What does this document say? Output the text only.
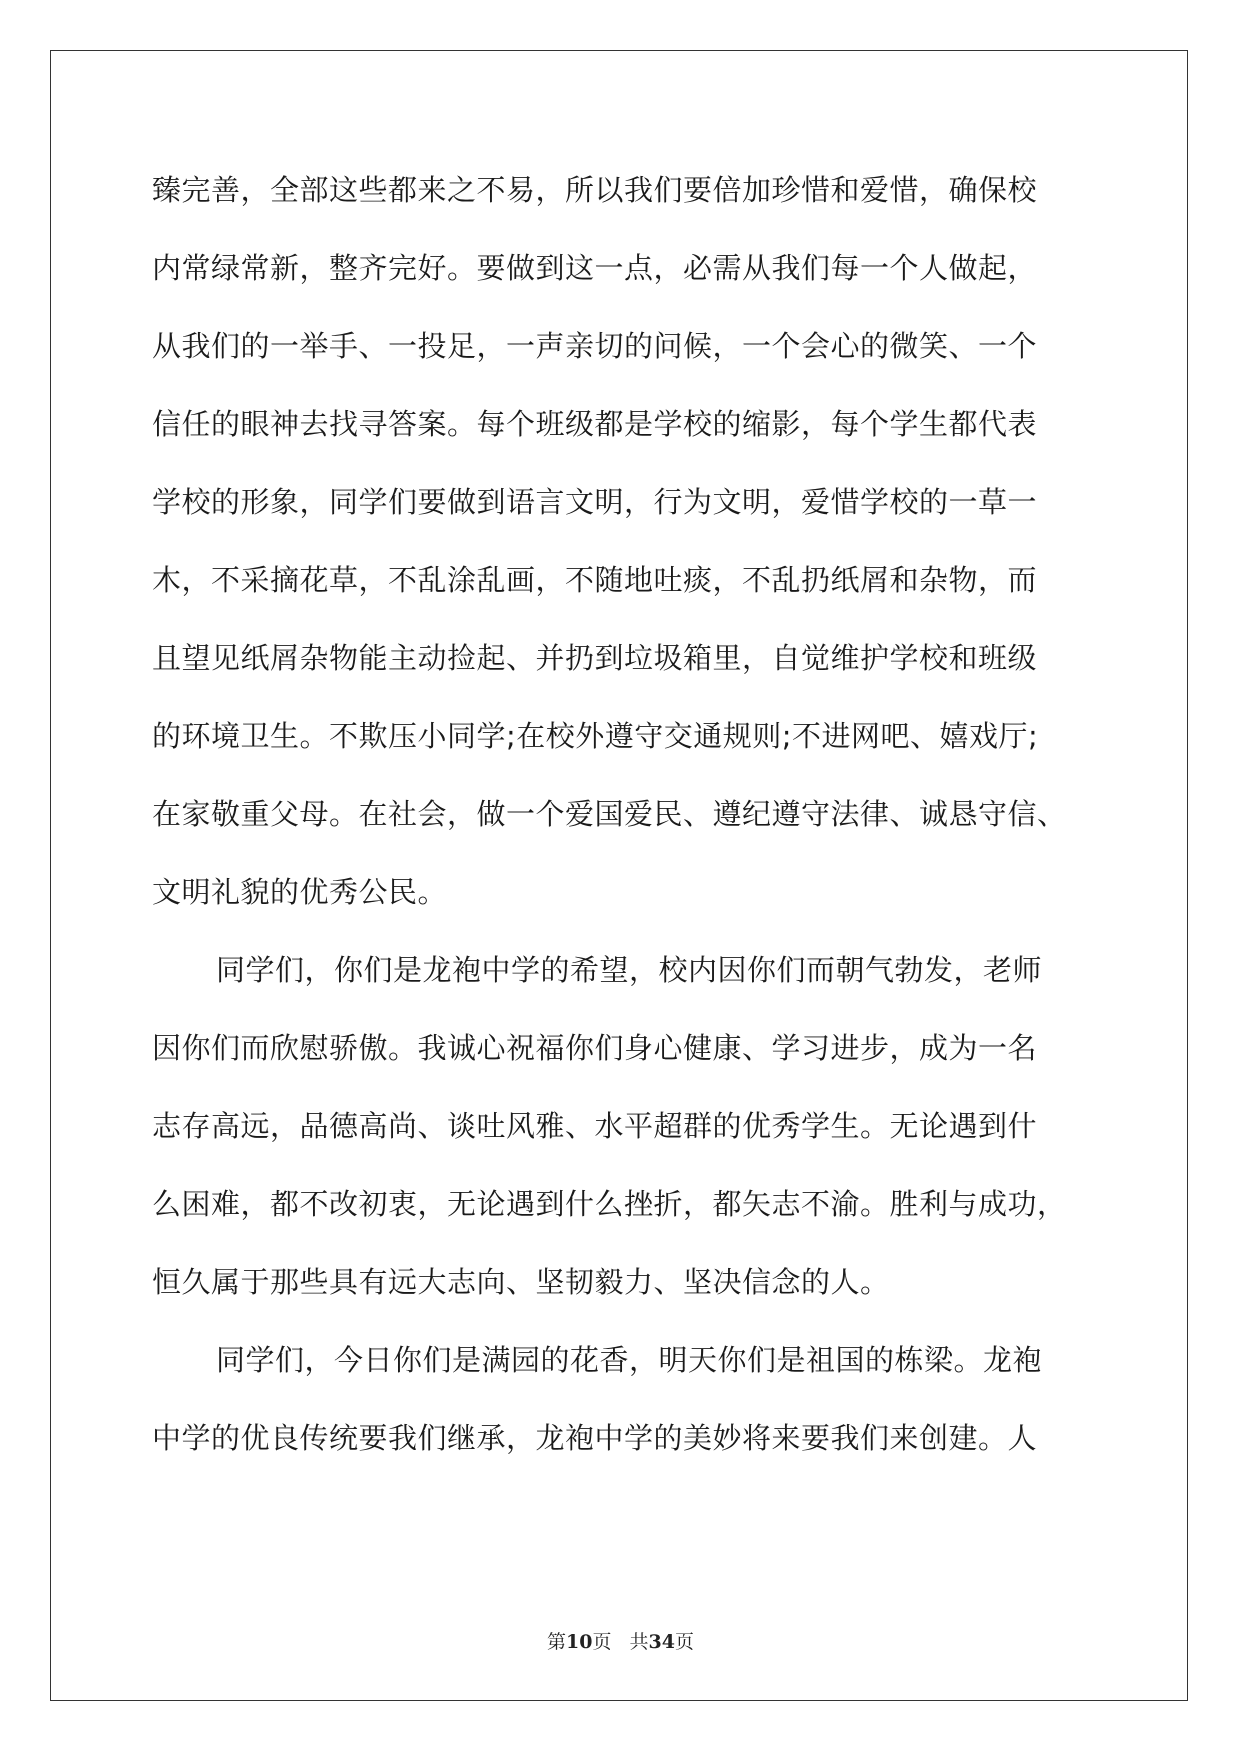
臻完善，全部这些都来之不易，所以我们要倍加珍惜和爱惜，确保校
内常绿常新，整齐完好。要做到这一点，必需从我们每一个人做起，
从我们的一举手、一投足，一声亲切的问候，一个会心的微笑、一个
信任的眼神去找寻答案。每个班级都是学校的缩影，每个学生都代表
学校的形象，同学们要做到语言文明，行为文明，爱惜学校的一草一
木，不采摘花草，不乱涂乱画，不随地吐痰，不乱扔纸屑和杂物，而
且望见纸屑杂物能主动捡起、并扔到垃圾箱里，自觉维护学校和班级
的环境卫生。不欺压小同学;在校外遵守交通规则;不进网吧、嬉戏厅;
在家敬重父母。在社会，做一个爱国爱民、遵纪遵守法律、诚恳守信、
文明礼貌的优秀公民。
同学们，你们是龙袍中学的希望，校内因你们而朝气勃发，老师
因你们而欣慰骄傲。我诚心祝福你们身心健康、学习进步，成为一名
志存高远，品德高尚、谈吐风雅、水平超群的优秀学生。无论遇到什
么困难，都不改初衷，无论遇到什么挫折，都矢志不渝。胜利与成功，
恒久属于那些具有远大志向、坚韧毅力、坚决信念的人。
同学们，今日你们是满园的花香，明天你们是祖国的栋梁。龙袍
中学的优良传统要我们继承，龙袍中学的美妙将来要我们来创建。人
第10页 共34页
